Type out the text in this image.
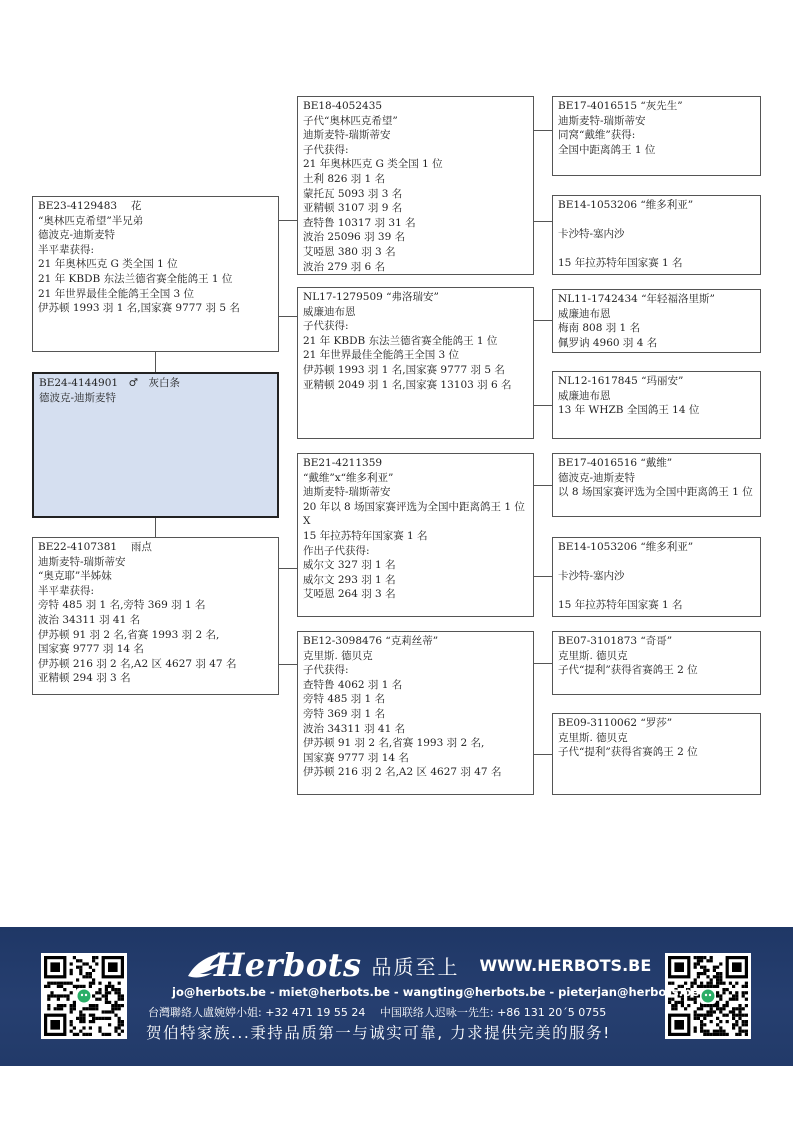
BE23-4129483　 花
“奥林匹克希望”半兄弟
德波克-迪斯麦特
半平辈获得:
21 年奥林匹克 G 类全国 1 位
21 年 KBDB 东法兰德省赛全能鸽王 1 位
21 年世界最佳全能鸽王全国 3 位
伊苏顿 1993 羽 1 名,国家赛 9777 羽 5 名
BE24-4144901　 ♂　 灰白条
德波克-迪斯麦特
BE22-4107381　 雨点
迪斯麦特-瑞斯蒂安
“奥克耶”半姊妹
半平辈获得:
旁特 485 羽 1 名,旁特 369 羽 1 名
波治 34311 羽 41 名
伊苏顿 91 羽 2 名,省赛 1993 羽 2 名,
国家赛 9777 羽 14 名
伊苏顿 216 羽 2 名,A2 区 4627 羽 47 名
亚精顿 294 羽 3 名
BE18-4052435
子代“奥林匹克希望”
迪斯麦特-瑞斯蒂安
子代获得:
21 年奥林匹克 G 类全国 1 位
土利 826 羽 1 名
蒙托瓦 5093 羽 3 名
亚精顿 3107 羽 9 名
查特鲁 10317 羽 31 名
波治 25096 羽 39 名
艾啞恩 380 羽 3 名
波治 279 羽 6 名
NL17-1279509 “弗洛瑞安”
威廉迪布恩
子代获得:
21 年 KBDB 东法兰德省赛全能鸽王 1 位
21 年世界最佳全能鸽王全国 3 位
伊苏顿 1993 羽 1 名,国家赛 9777 羽 5 名
亚精顿 2049 羽 1 名,国家赛 13103 羽 6 名
BE21-4211359
“戴维”x“维多利亚”
迪斯麦特-瑞斯蒂安
20 年以 8 场国家赛评选为全国中距离鸽王 1 位
X
15 年拉苏特年国家赛 1 名
作出子代获得:
威尔文 327 羽 1 名
威尔文 293 羽 1 名
艾啞恩 264 羽 3 名
BE12-3098476 “克莉丝蒂”
克里斯. 德贝克
子代获得:
查特鲁 4062 羽 1 名
旁特 485 羽 1 名
旁特 369 羽 1 名
波治 34311 羽 41 名
伊苏顿 91 羽 2 名,省赛 1993 羽 2 名,
国家赛 9777 羽 14 名
伊苏顿 216 羽 2 名,A2 区 4627 羽 47 名
BE17-4016515 “灰先生”
迪斯麦特-瑞斯蒂安
同窝“戴维”获得:
全国中距离鸽王 1 位
BE14-1053206 “维多利亚”

卡沙特-塞内沙

15 年拉苏特年国家赛 1 名
NL11-1742434 “年轻福洛里斯”
威廉迪布恩
梅南 808 羽 1 名
佩罗讷 4960 羽 4 名
NL12-1617845 “玛丽安”
威廉迪布恩
13 年 WHZB 全国鸽王 14 位
BE17-4016516 “戴维”
德波克-迪斯麦特
以 8 场国家赛评选为全国中距离鸽王 1 位
BE14-1053206 “维多利亚”

卡沙特-塞内沙

15 年拉苏特年国家赛 1 名
BE07-3101873 “奇哥”
克里斯. 德贝克
子代“提利”获得省赛鸽王 2 位
BE09-3110062 “罗莎”
克里斯. 德贝克
子代“提利”获得省赛鸽王 2 位
Herbots 品质至上 WWW.HERBOTS.BE
jo@herbots.be - miet@herbots.be - wangting@herbots.be - pieterjan@herbots.be
台灣聯絡人盧婉婷小姐: +32 471 19 55 24　 中国联络人迟咏一先生: +86 131 20´5 0755
贺伯特家族...秉持品质第一与诚实可靠, 力求提供完美的服务!
